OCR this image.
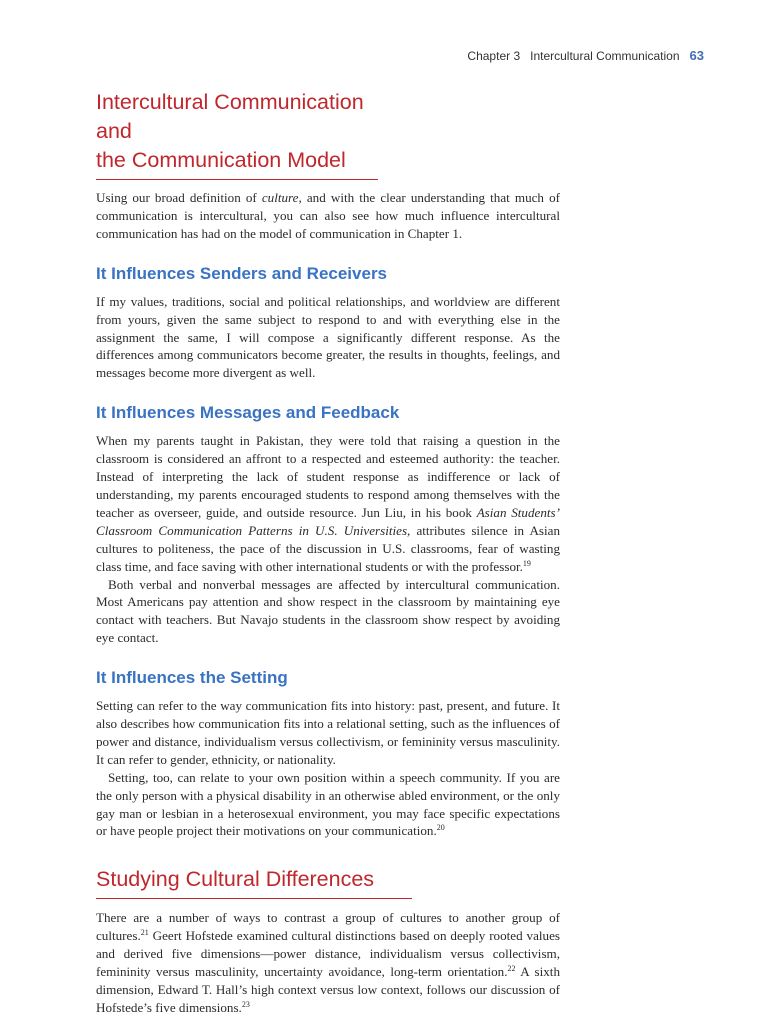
Chapter 3 Intercultural Communication 63
Intercultural Communication and
the Communication Model

Using our broad definition of culture, and with the clear understanding that much of communication is intercultural, you can also see how much influence intercultural communication has had on the model of communication in Chapter 1.

It Influences Senders and Receivers

If my values, traditions, social and political relationships, and worldview are different from yours, given the same subject to respond to and with everything else in the assignment the same, I will compose a significantly different response. As the differences among communicators become greater, the results in thoughts, feelings, and messages become more divergent as well.

It Influences Messages and Feedback

When my parents taught in Pakistan, they were told that raising a question in the classroom is considered an affront to a respected and esteemed authority: the teacher. Instead of interpreting the lack of student response as indifference or lack of understanding, my parents encouraged students to respond among themselves with the teacher as overseer, guide, and outside resource. Jun Liu, in his book Asian Students’ Classroom Communication Patterns in U.S. Universities, attributes silence in Asian cultures to politeness, the pace of the discussion in U.S. classrooms, fear of wasting class time, and face saving with other international students or with the professor.$^{19}$

Both verbal and nonverbal messages are affected by intercultural communication. Most Americans pay attention and show respect in the classroom by maintaining eye contact with teachers. But Navajo students in the classroom show respect by avoiding eye contact.

It Influences the Setting

Setting can refer to the way communication fits into history: past, present, and future. It also describes how communication fits into a relational setting, such as the influences of power and distance, individualism versus collectivism, or femininity versus masculinity. It can refer to gender, ethnicity, or nationality.

Setting, too, can relate to your own position within a speech community. If you are the only person with a physical disability in an otherwise abled environment, or the only gay man or lesbian in a heterosexual environment, you may face specific expectations or have people project their motivations on your communication.$^{20}$

Studying Cultural Differences

There are a number of ways to contrast a group of cultures to another group of cultures.$^{21}$ Geert Hofstede examined cultural distinctions based on deeply rooted values and derived five dimensions—power distance, individualism versus collectivism, femininity versus masculinity, uncertainty avoidance, long-term orientation.$^{22}$ A sixth dimension, Edward T. Hall’s high context versus low context, follows our discussion of Hofstede’s five dimensions.$^{23}$
